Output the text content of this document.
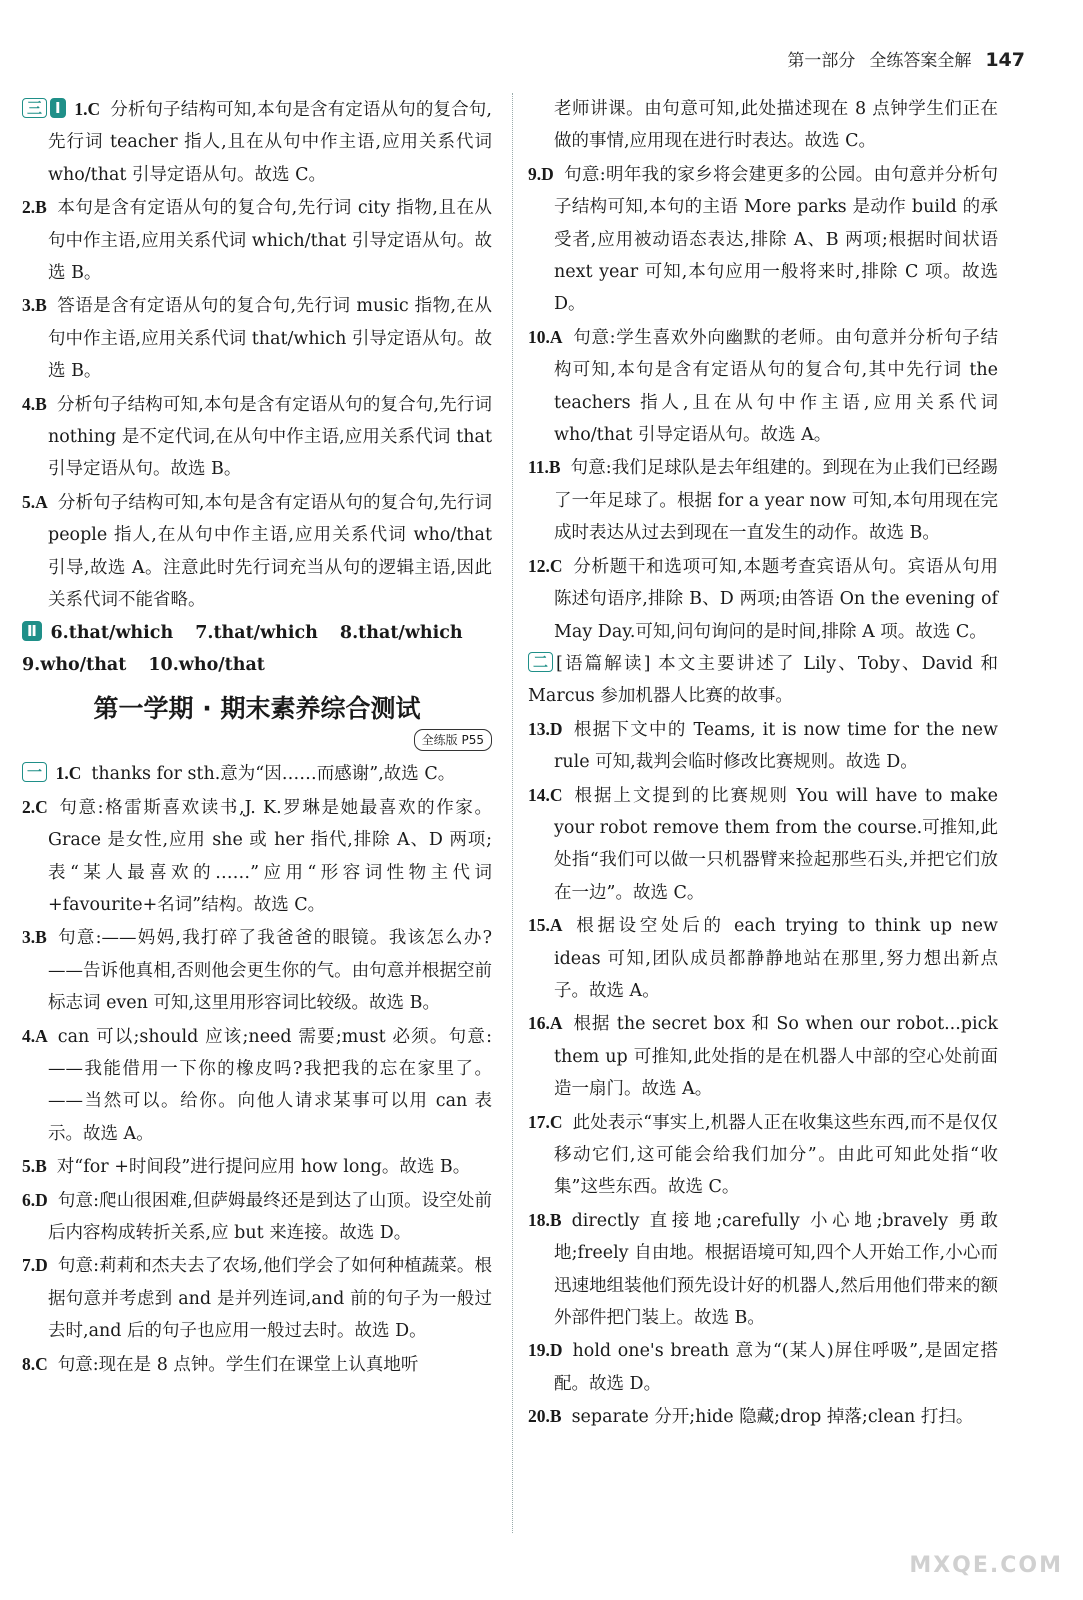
第一部分 全练答案全解 147

三 Ⅰ 1.C 分析句子结构可知,本句是含有定语从句的复合句,先行词 teacher 指人,且在从句中作主语,应用关系代词 who/that 引导定语从句。故选 C。

2.B 本句是含有定语从句的复合句,先行词 city 指物,且在从句中作主语,应用关系代词 which/that 引导定语从句。故选 B。

3.B 答语是含有定语从句的复合句,先行词 music 指物,在从句中作主语,应用关系代词 that/which 引导定语从句。故选 B。

4.B 分析句子结构可知,本句是含有定语从句的复合句,先行词 nothing 是不定代词,在从句中作主语,应用关系代词 that 引导定语从句。故选 B。

5.A 分析句子结构可知,本句是含有定语从句的复合句,先行词 people 指人,在从句中作主语,应用关系代词 who/that 引导,故选 A。注意此时先行词充当从句的逻辑主语,因此关系代词不能省略。

Ⅱ 6.that/which 7.that/which 8.that/which

9.who/that 10.who/that

第一学期 · 期末素养综合测试
全练版 P55

一 1.C thanks for sth.意为“因……而感谢”,故选 C。

2.C 句意:格雷斯喜欢读书,J. K.罗琳是她最喜欢的作家。Grace 是女性,应用 she 或 her 指代,排除 A、D 两项;表“某人最喜欢的……”应用“形容词性物主代词+favourite+名词”结构。故选 C。

3.B 句意:——妈妈,我打碎了我爸爸的眼镜。我该怎么办?——告诉他真相,否则他会更生你的气。由句意并根据空前标志词 even 可知,这里用形容词比较级。故选 B。

4.A can 可以;should 应该;need 需要;must 必须。句意:——我能借用一下你的橡皮吗?我把我的忘在家里了。——当然可以。给你。向他人请求某事可以用 can 表示。故选 A。

5.B 对“for +时间段”进行提问应用 how long。故选 B。

6.D 句意:爬山很困难,但萨姆最终还是到达了山顶。设空处前后内容构成转折关系,应 but 来连接。故选 D。

7.D 句意:莉莉和杰夫去了农场,他们学会了如何种植蔬菜。根据句意并考虑到 and 是并列连词,and 前的句子为一般过去时,and 后的句子也应用一般过去时。故选 D。

8.C 句意:现在是 8 点钟。学生们在课堂上认真地听

老师讲课。由句意可知,此处描述现在 8 点钟学生们正在做的事情,应用现在进行时表达。故选 C。

9.D 句意:明年我的家乡将会建更多的公园。由句意并分析句子结构可知,本句的主语 More parks 是动作 build 的承受者,应用被动语态表达,排除 A、B 两项;根据时间状语 next year 可知,本句应用一般将来时,排除 C 项。故选 D。

10.A 句意:学生喜欢外向幽默的老师。由句意并分析句子结构可知,本句是含有定语从句的复合句,其中先行词 the teachers 指人,且在从句中作主语,应用关系代词 who/that 引导定语从句。故选 A。

11.B 句意:我们足球队是去年组建的。到现在为止我们已经踢了一年足球了。根据 for a year now 可知,本句用现在完成时表达从过去到现在一直发生的动作。故选 B。

12.C 分析题干和选项可知,本题考查宾语从句。宾语从句用陈述句语序,排除 B、D 两项;由答语 On the evening of May Day.可知,问句询问的是时间,排除 A 项。故选 C。

二 [语篇解读] 本文主要讲述了 Lily、Toby、David 和 Marcus 参加机器人比赛的故事。

13.D 根据下文中的 Teams, it is now time for the new rule 可知,裁判会临时修改比赛规则。故选 D。

14.C 根据上文提到的比赛规则 You will have to make your robot remove them from the course.可推知,此处指“我们可以做一只机器臂来捡起那些石头,并把它们放在一边”。故选 C。

15.A 根据设空处后的 each trying to think up new ideas 可知,团队成员都静静地站在那里,努力想出新点子。故选 A。

16.A 根据 the secret box 和 So when our robot...pick them up 可推知,此处指的是在机器人中部的空心处前面造一扇门。故选 A。

17.C 此处表示“事实上,机器人正在收集这些东西,而不是仅仅移动它们,这可能会给我们加分”。由此可知此处指“收集”这些东西。故选 C。

18.B directly 直接地;carefully 小心地;bravely 勇敢地;freely 自由地。根据语境可知,四个人开始工作,小心而迅速地组装他们预先设计好的机器人,然后用他们带来的额外部件把门装上。故选 B。

19.D hold one's breath 意为“(某人)屏住呼吸”,是固定搭配。故选 D。

20.B separate 分开;hide 隐藏;drop 掉落;clean 打扫。

MXQE.COM
